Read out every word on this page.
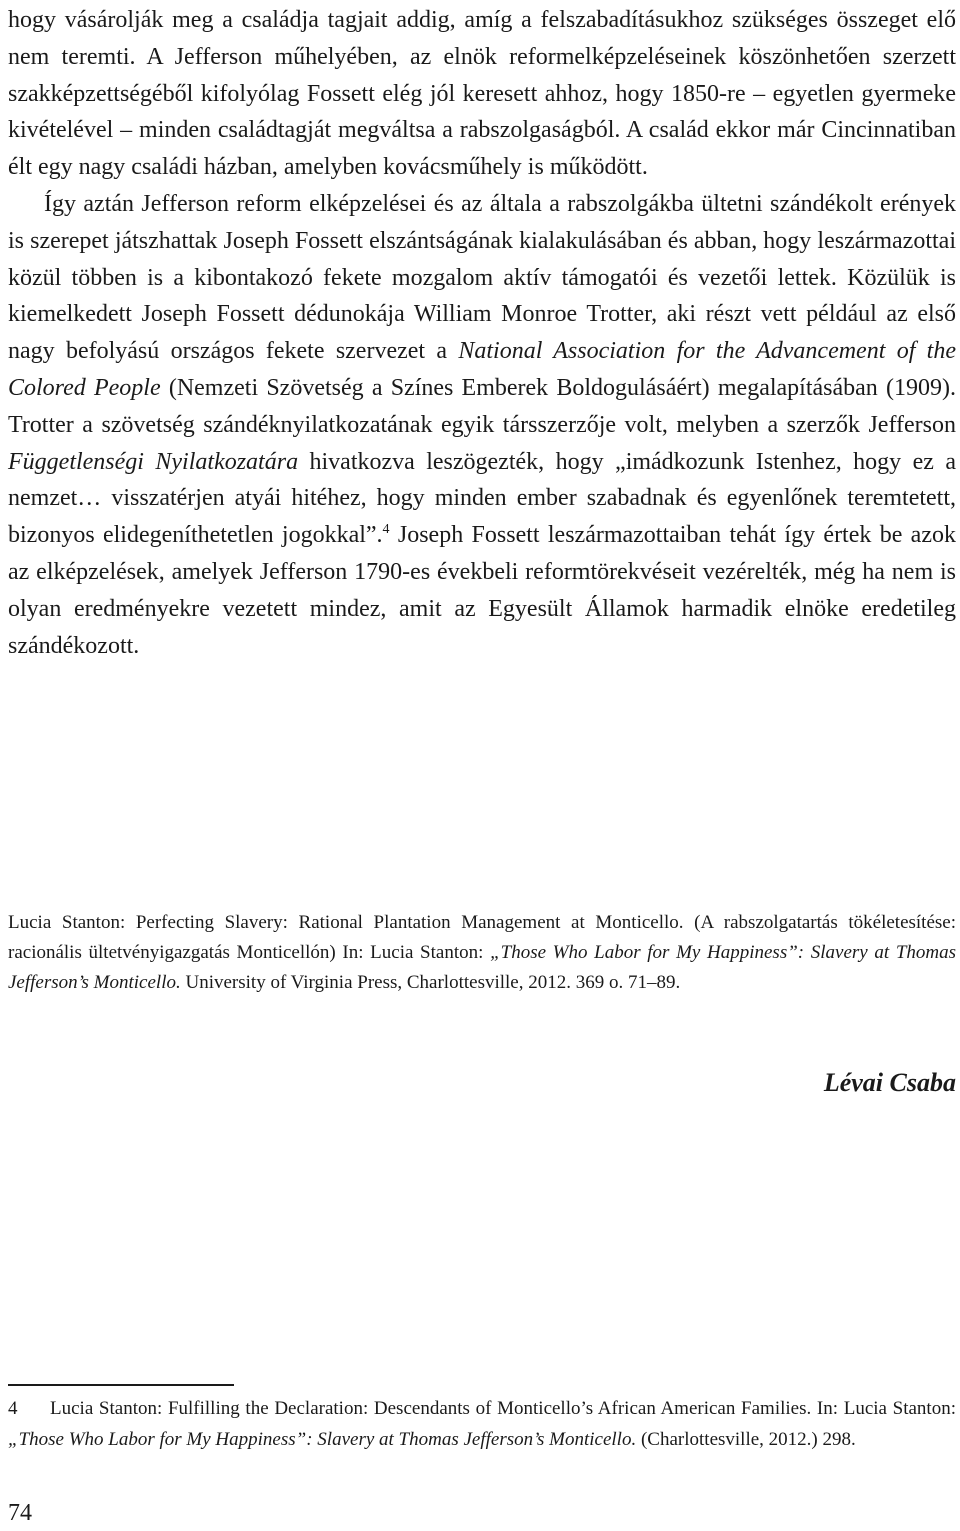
hogy vásárolják meg a családja tagjait addig, amíg a felszabadításukhoz szükséges összeget elő nem teremti. A Jefferson műhelyében, az elnök reformelképzeléseinek köszönhetően szerzett szakképzettségéből kifolyólag Fossett elég jól keresett ahhoz, hogy 1850-re – egyetlen gyermeke kivételével – minden családtagját megváltsa a rabszolgaságból. A család ekkor már Cincinnatiban élt egy nagy családi házban, amelyben kovácsműhely is működött.

Így aztán Jefferson reform elképzelései és az általa a rabszolgákba ültetni szándékolt erények is szerepet játszhattak Joseph Fossett elszántságának kialakulásában és abban, hogy leszármazottai közül többen is a kibontakozó fekete mozgalom aktív támogatói és vezetői lettek. Közülük is kiemelkedett Joseph Fossett dédunokája William Monroe Trotter, aki részt vett például az első nagy befolyású országos fekete szervezet a National Association for the Advancement of the Colored People (Nemzeti Szövetség a Színes Emberek Boldogulásáért) megalapításában (1909). Trotter a szövetség szándéknyilatkozatának egyik társszerzője volt, melyben a szerzők Jefferson Függetlenségi Nyilatkozatára hivatkozva leszögezték, hogy „imádkozunk Istenhez, hogy ez a nemzet… visszatérjen atyái hitéhez, hogy minden ember szabadnak és egyenlőnek teremtetett, bizonyos elidegeníthetetlen jogokkal”.$^4$ Joseph Fossett leszármazottaiban tehát így értek be azok az elképzelések, amelyek Jefferson 1790-es évekbeli reformtörekvéseit vezérelték, még ha nem is olyan eredményekre vezetett mindez, amit az Egyesült Államok harmadik elnöke eredetileg szándékozott.

Lucia Stanton: Perfecting Slavery: Rational Plantation Management at Monticello. (A rabszolgatartás tökéletesítése: racionális ültetvényigazgatás Monticellón) In: Lucia Stanton: „Those Who Labor for My Happiness”: Slavery at Thomas Jefferson’s Monticello. University of Virginia Press, Charlottesville, 2012. 369 o. 71–89.
Lévai Csaba
4 Lucia Stanton: Fulfilling the Declaration: Descendants of Monticello’s African American Families. In: Lucia Stanton: „Those Who Labor for My Happiness”: Slavery at Thomas Jefferson’s Monticello. (Charlottesville, 2012.) 298.
74
